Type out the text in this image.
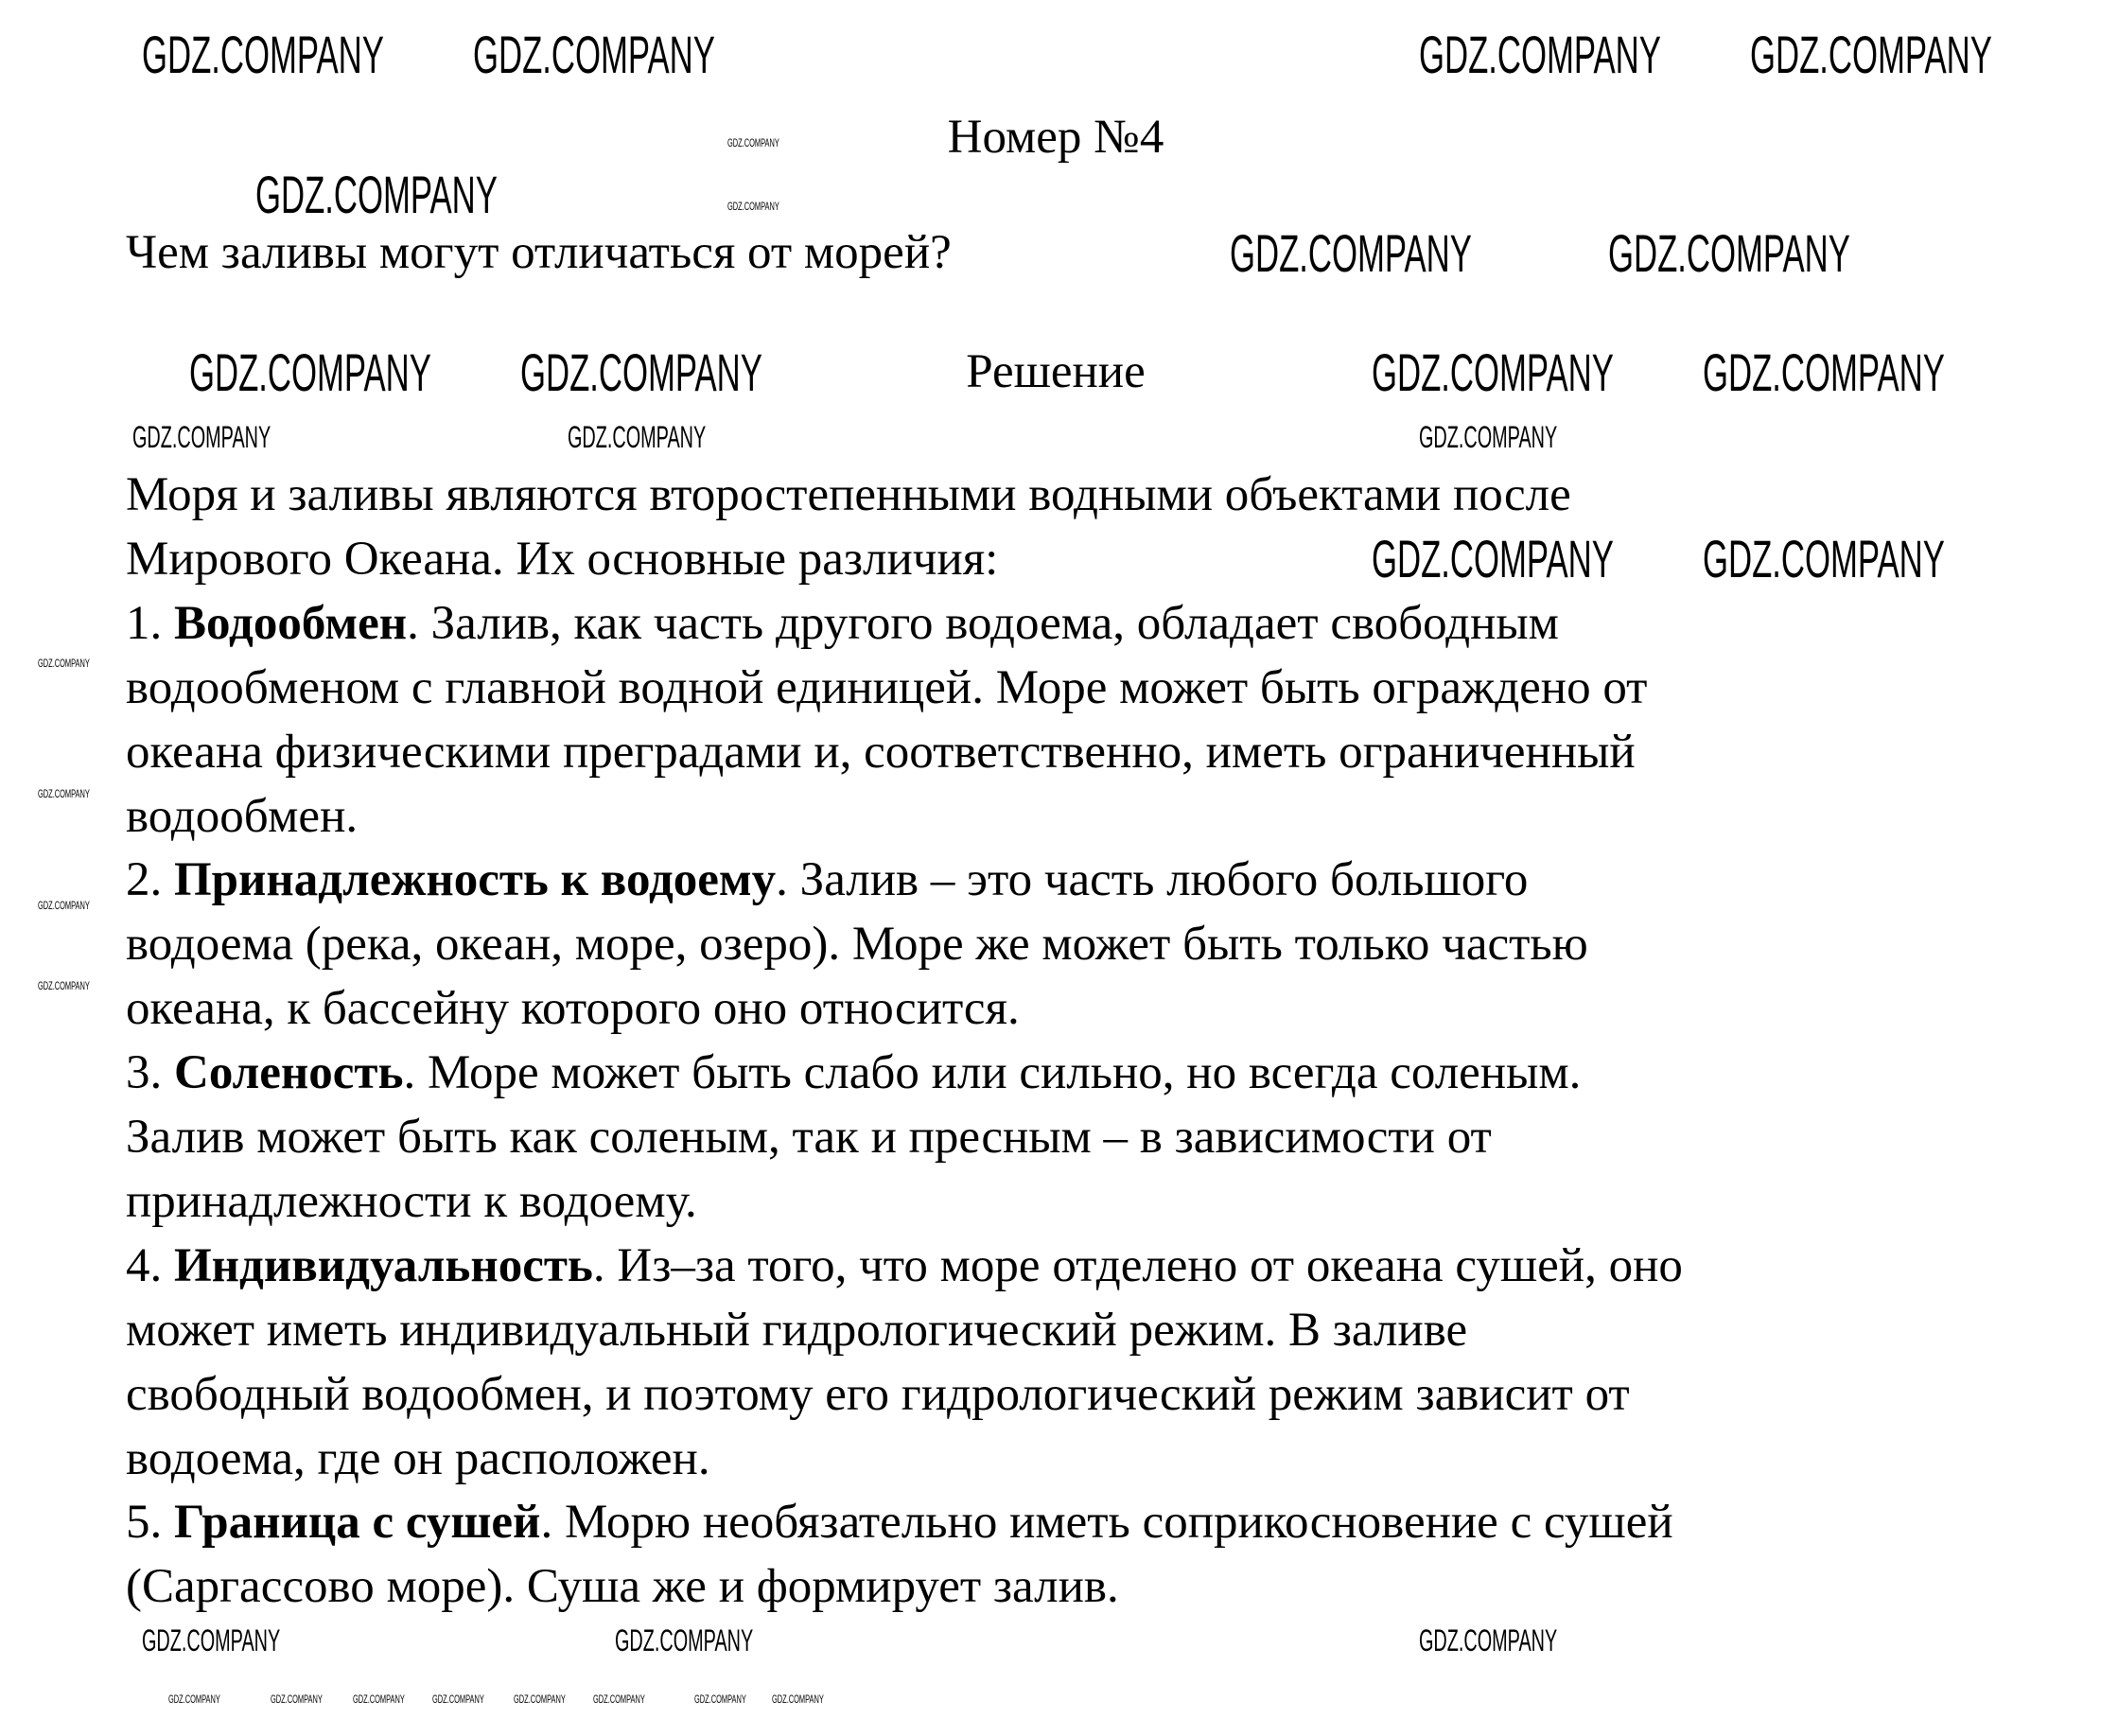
Номер №4
Чем заливы могут отличаться от морей?
Решение
Моря и заливы являются второстепенными водными объектами после
Мирового Океана. Их основные различия:
1. Водообмен. Залив, как часть другого водоема, обладает свободным
водообменом с главной водной единицей. Море может быть ограждено от
океана физическими преградами и, соответственно, иметь ограниченный
водообмен.
2. Принадлежность к водоему. Залив – это часть любого большого
водоема (река, океан, море, озеро). Море же может быть только частью
океана, к бассейну которого оно относится.
3. Соленость. Море может быть слабо или сильно, но всегда соленым.
Залив может быть как соленым, так и пресным – в зависимости от
принадлежности к водоему.
4. Индивидуальность. Из–за того, что море отделено от океана сушей, оно
может иметь индивидуальный гидрологический режим. В заливе
свободный водообмен, и поэтому его гидрологический режим зависит от
водоема, где он расположен.
5. Граница с сушей. Морю необязательно иметь соприкосновение с сушей
(Саргассово море). Суша же и формирует залив.
GDZ.COMPANY GDZ.COMPANY	GDZ.COMPANY GDZ.COMPANY
GDZ.COMPANY
GDZ.COMPANY	GDZ.COMPANY
GDZ.COMPANY GDZ.COMPANY	GDZ.COMPANY GDZ.COMPANY
GDZ.COMPANY GDZ.COMPANY
GDZ.COMPANY	GDZ.COMPANY	GDZ.COMPANY
GDZ.COMPANY	GDZ.COMPANY	GDZ.COMPANY
GDZ.COMPANY
GDZ.COMPANY
GDZ.COMPANY
GDZ.COMPANY
GDZ.COMPANY
GDZ.COMPANY
GDZ.COMPANY	GDZ.COMPANY	GDZ.COMPANY GDZ.COMPANY	GDZ.COMPANY GDZ.COMPANY	GDZ.COMPANY GDZ.COMPANY
